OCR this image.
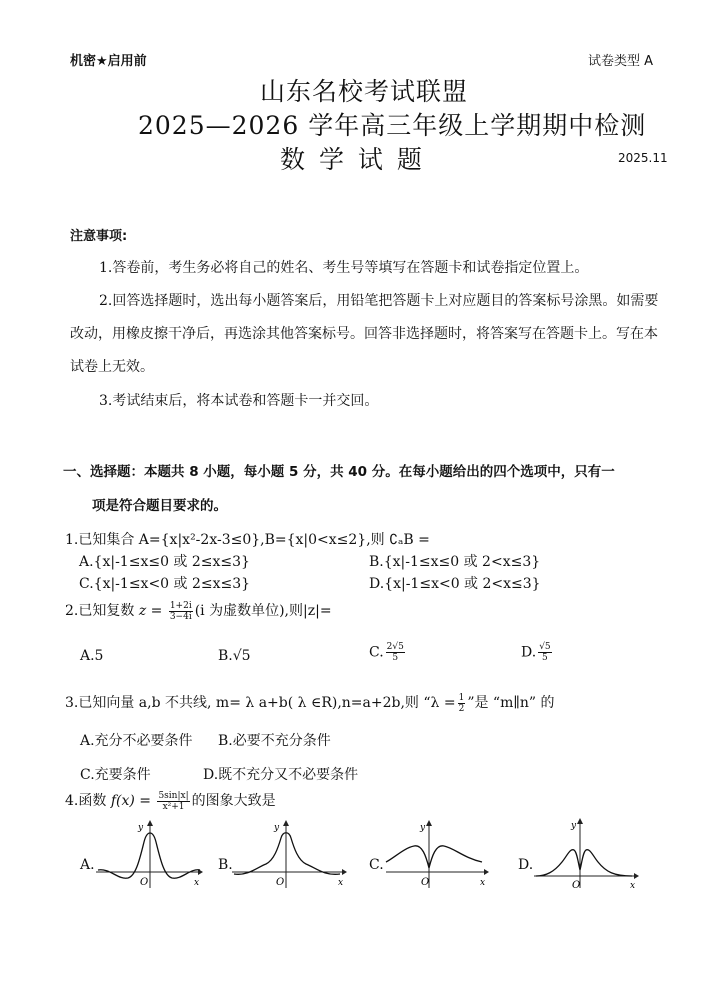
机密★启用前	试卷类型 A
山东名校考试联盟
2025—2026 学年高三年级上学期期中检测
数 学 试 题	2025.11
注意事项:
1.答卷前，考生务必将自己的姓名、考生号等填写在答题卡和试卷指定位置上。
2.回答选择题时，选出每小题答案后，用铅笔把答题卡上对应题目的答案标号涂黑。如需要
改动，用橡皮擦干净后，再选涂其他答案标号。回答非选择题时，将答案写在答题卡上。写在本
试卷上无效。
3.考试结束后，将本试卷和答题卡一并交回。
一、选择题：本题共 8 小题，每小题 5 分，共 40 分。在每小题给出的四个选项中，只有一
项是符合题目要求的。
1.已知集合 A={x|x²-2x-3≤0},B={x|0<x≤2},则 ∁ₐB =
A.{x|-1≤x≤0 或 2≤x≤3}	B.{x|-1≤x≤0 或 2<x≤3}
C.{x|-1≤x<0 或 2≤x≤3}	D.{x|-1≤x<0 或 2<x≤3}
2.已知复数 $z = \frac{1+2i}{3-4i} (i$ 为虚数单位),则|z|=
A.5	B.√5	C. $\frac{2√5}{5}$	D. $\frac{√5}{5}$
3.已知向量 a,b 不共线, m= λ a+b( λ ∈R),n=a+2b,则 “$\lambda = \frac{1}{2}$ ”是 “m∥n” 的
A.充分不必要条件 B.必要不充分条件
C.充要条件	D.既不充分又不必要条件
4.函数 $f(x) = \frac{5\sin|x|}{\text{x²+1}}$ 的图象大致是
A.	B.	C.	D.
y
O	x
y
O	x
y
O	x
y
O	x
